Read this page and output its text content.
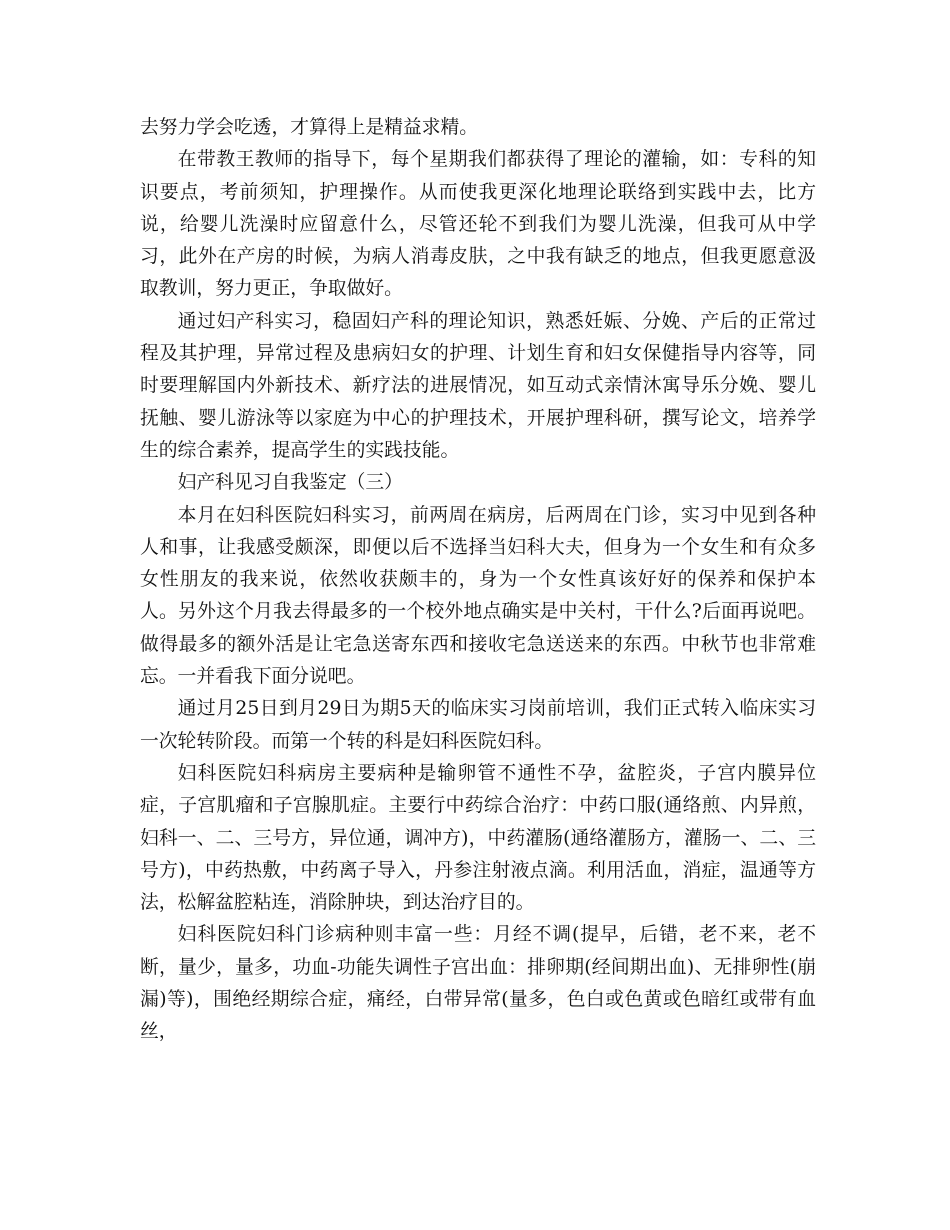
去努力学会吃透，才算得上是精益求精。

在带教王教师的指导下，每个星期我们都获得了理论的灌输，如：专科的知识要点，考前须知，护理操作。从而使我更深化地理论联络到实践中去，比方说，给婴儿洗澡时应留意什么，尽管还轮不到我们为婴儿洗澡，但我可从中学习，此外在产房的时候，为病人消毒皮肤，之中我有缺乏的地点，但我更愿意汲取教训，努力更正，争取做好。

通过妇产科实习，稳固妇产科的理论知识，熟悉妊娠、分娩、产后的正常过程及其护理，异常过程及患病妇女的护理、计划生育和妇女保健指导内容等，同时要理解国内外新技术、新疗法的进展情况，如互动式亲情沐寓导乐分娩、婴儿抚触、婴儿游泳等以家庭为中心的护理技术，开展护理科研，撰写论文，培养学生的综合素养，提高学生的实践技能。

妇产科见习自我鉴定（三）

本月在妇科医院妇科实习，前两周在病房，后两周在门诊，实习中见到各种人和事，让我感受颇深，即便以后不选择当妇科大夫，但身为一个女生和有众多女性朋友的我来说，依然收获颇丰的，身为一个女性真该好好的保养和保护本人。另外这个月我去得最多的一个校外地点确实是中关村，干什么?后面再说吧。做得最多的额外活是让宅急送寄东西和接收宅急送送来的东西。中秋节也非常难忘。一并看我下面分说吧。

通过月25日到月29日为期5天的临床实习岗前培训，我们正式转入临床实习一次轮转阶段。而第一个转的科是妇科医院妇科。

妇科医院妇科病房主要病种是输卵管不通性不孕，盆腔炎，子宫内膜异位症，子宫肌瘤和子宫腺肌症。主要行中药综合治疗：中药口服(通络煎、内异煎，妇科一、二、三号方，异位通，调冲方)，中药灌肠(通络灌肠方，灌肠一、二、三号方)，中药热敷，中药离子导入，丹参注射液点滴。利用活血，消症，温通等方法，松解盆腔粘连，消除肿块，到达治疗目的。

妇科医院妇科门诊病种则丰富一些：月经不调(提早，后错，老不来，老不断，量少，量多，功血-功能失调性子宫出血：排卵期(经间期出血)、无排卵性(崩漏)等)，围绝经期综合症，痛经，白带异常(量多，色白或色黄或色暗红或带有血丝，
